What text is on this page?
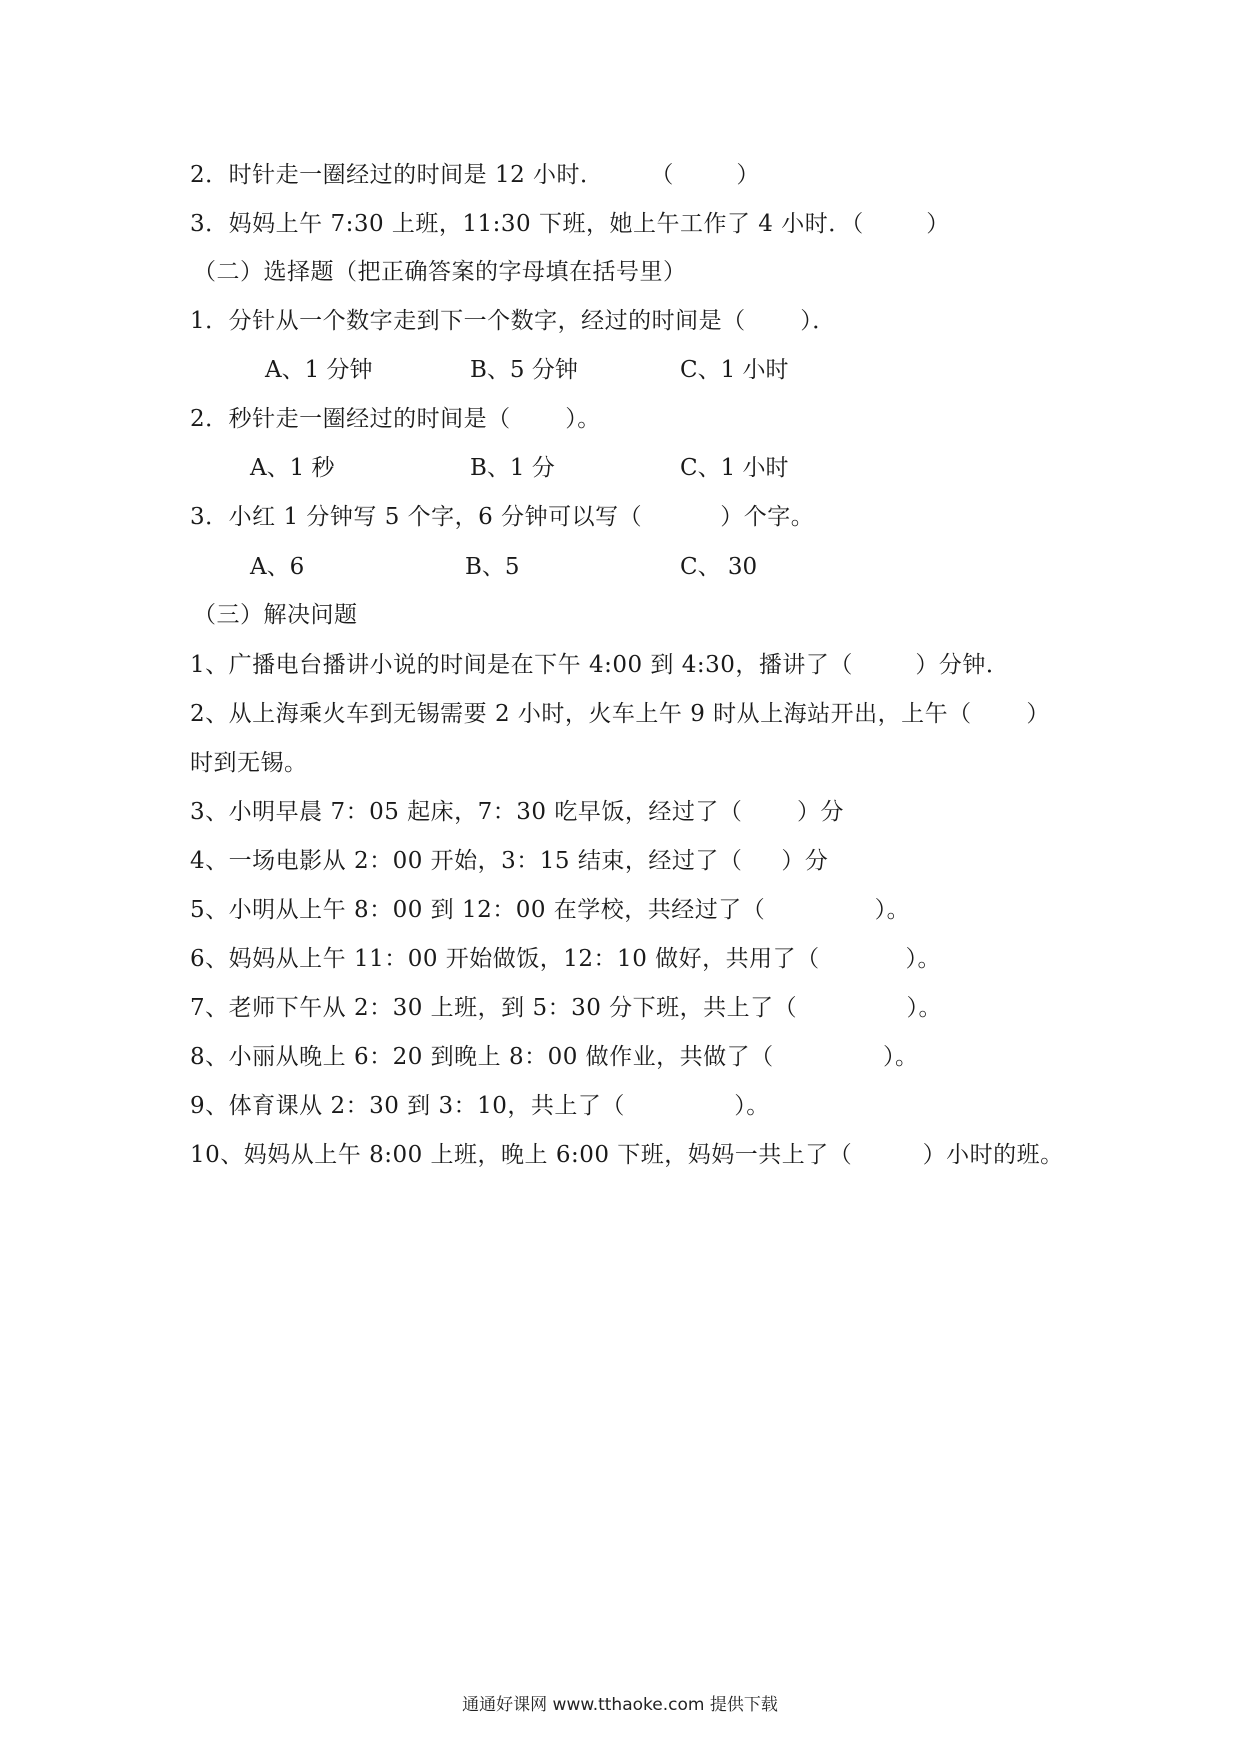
2．时针走一圈经过的时间是 12 小时．      （        ）
3．妈妈上午 7:30 上班，11:30 下班，她上午工作了 4 小时．（        ）
（二）选择题（把正确答案的字母填在括号里）
1．分针从一个数字走到下一个数字，经过的时间是（       ）．
A、1 分钟	B、5 分钟	C、1 小时
2．秒针走一圈经过的时间是（       ）。
A、1 秒	B、1 分	C、1 小时
3．小红 1 分钟写 5 个字，6 分钟可以写（          ）个字。
A、6	B、5	C、 30
（三）解决问题
1、广播电台播讲小说的时间是在下午 4:00 到 4:30，播讲了（        ）分钟．
2、从上海乘火车到无锡需要 2 小时，火车上午 9 时从上海站开出，上午（       ）
时到无锡。
3、小明早晨 7：05 起床，7：30 吃早饭，经过了（       ）分
4、一场电影从 2：00 开始，3：15 结束，经过了（     ）分
5、小明从上午 8：00 到 12：00 在学校，共经过了（              ）。
6、妈妈从上午 11：00 开始做饭，12：10 做好，共用了（           ）。
7、老师下午从 2：30 上班，到 5：30 分下班，共上了（              ）。
8、小丽从晚上 6：20 到晚上 8：00 做作业，共做了（              ）。
9、体育课从 2：30 到 3：10，共上了（              ）。
10、妈妈从上午 8:00 上班，晚上 6:00 下班，妈妈一共上了（         ）小时的班。
通通好课网 www.tthaoke.com 提供下载
